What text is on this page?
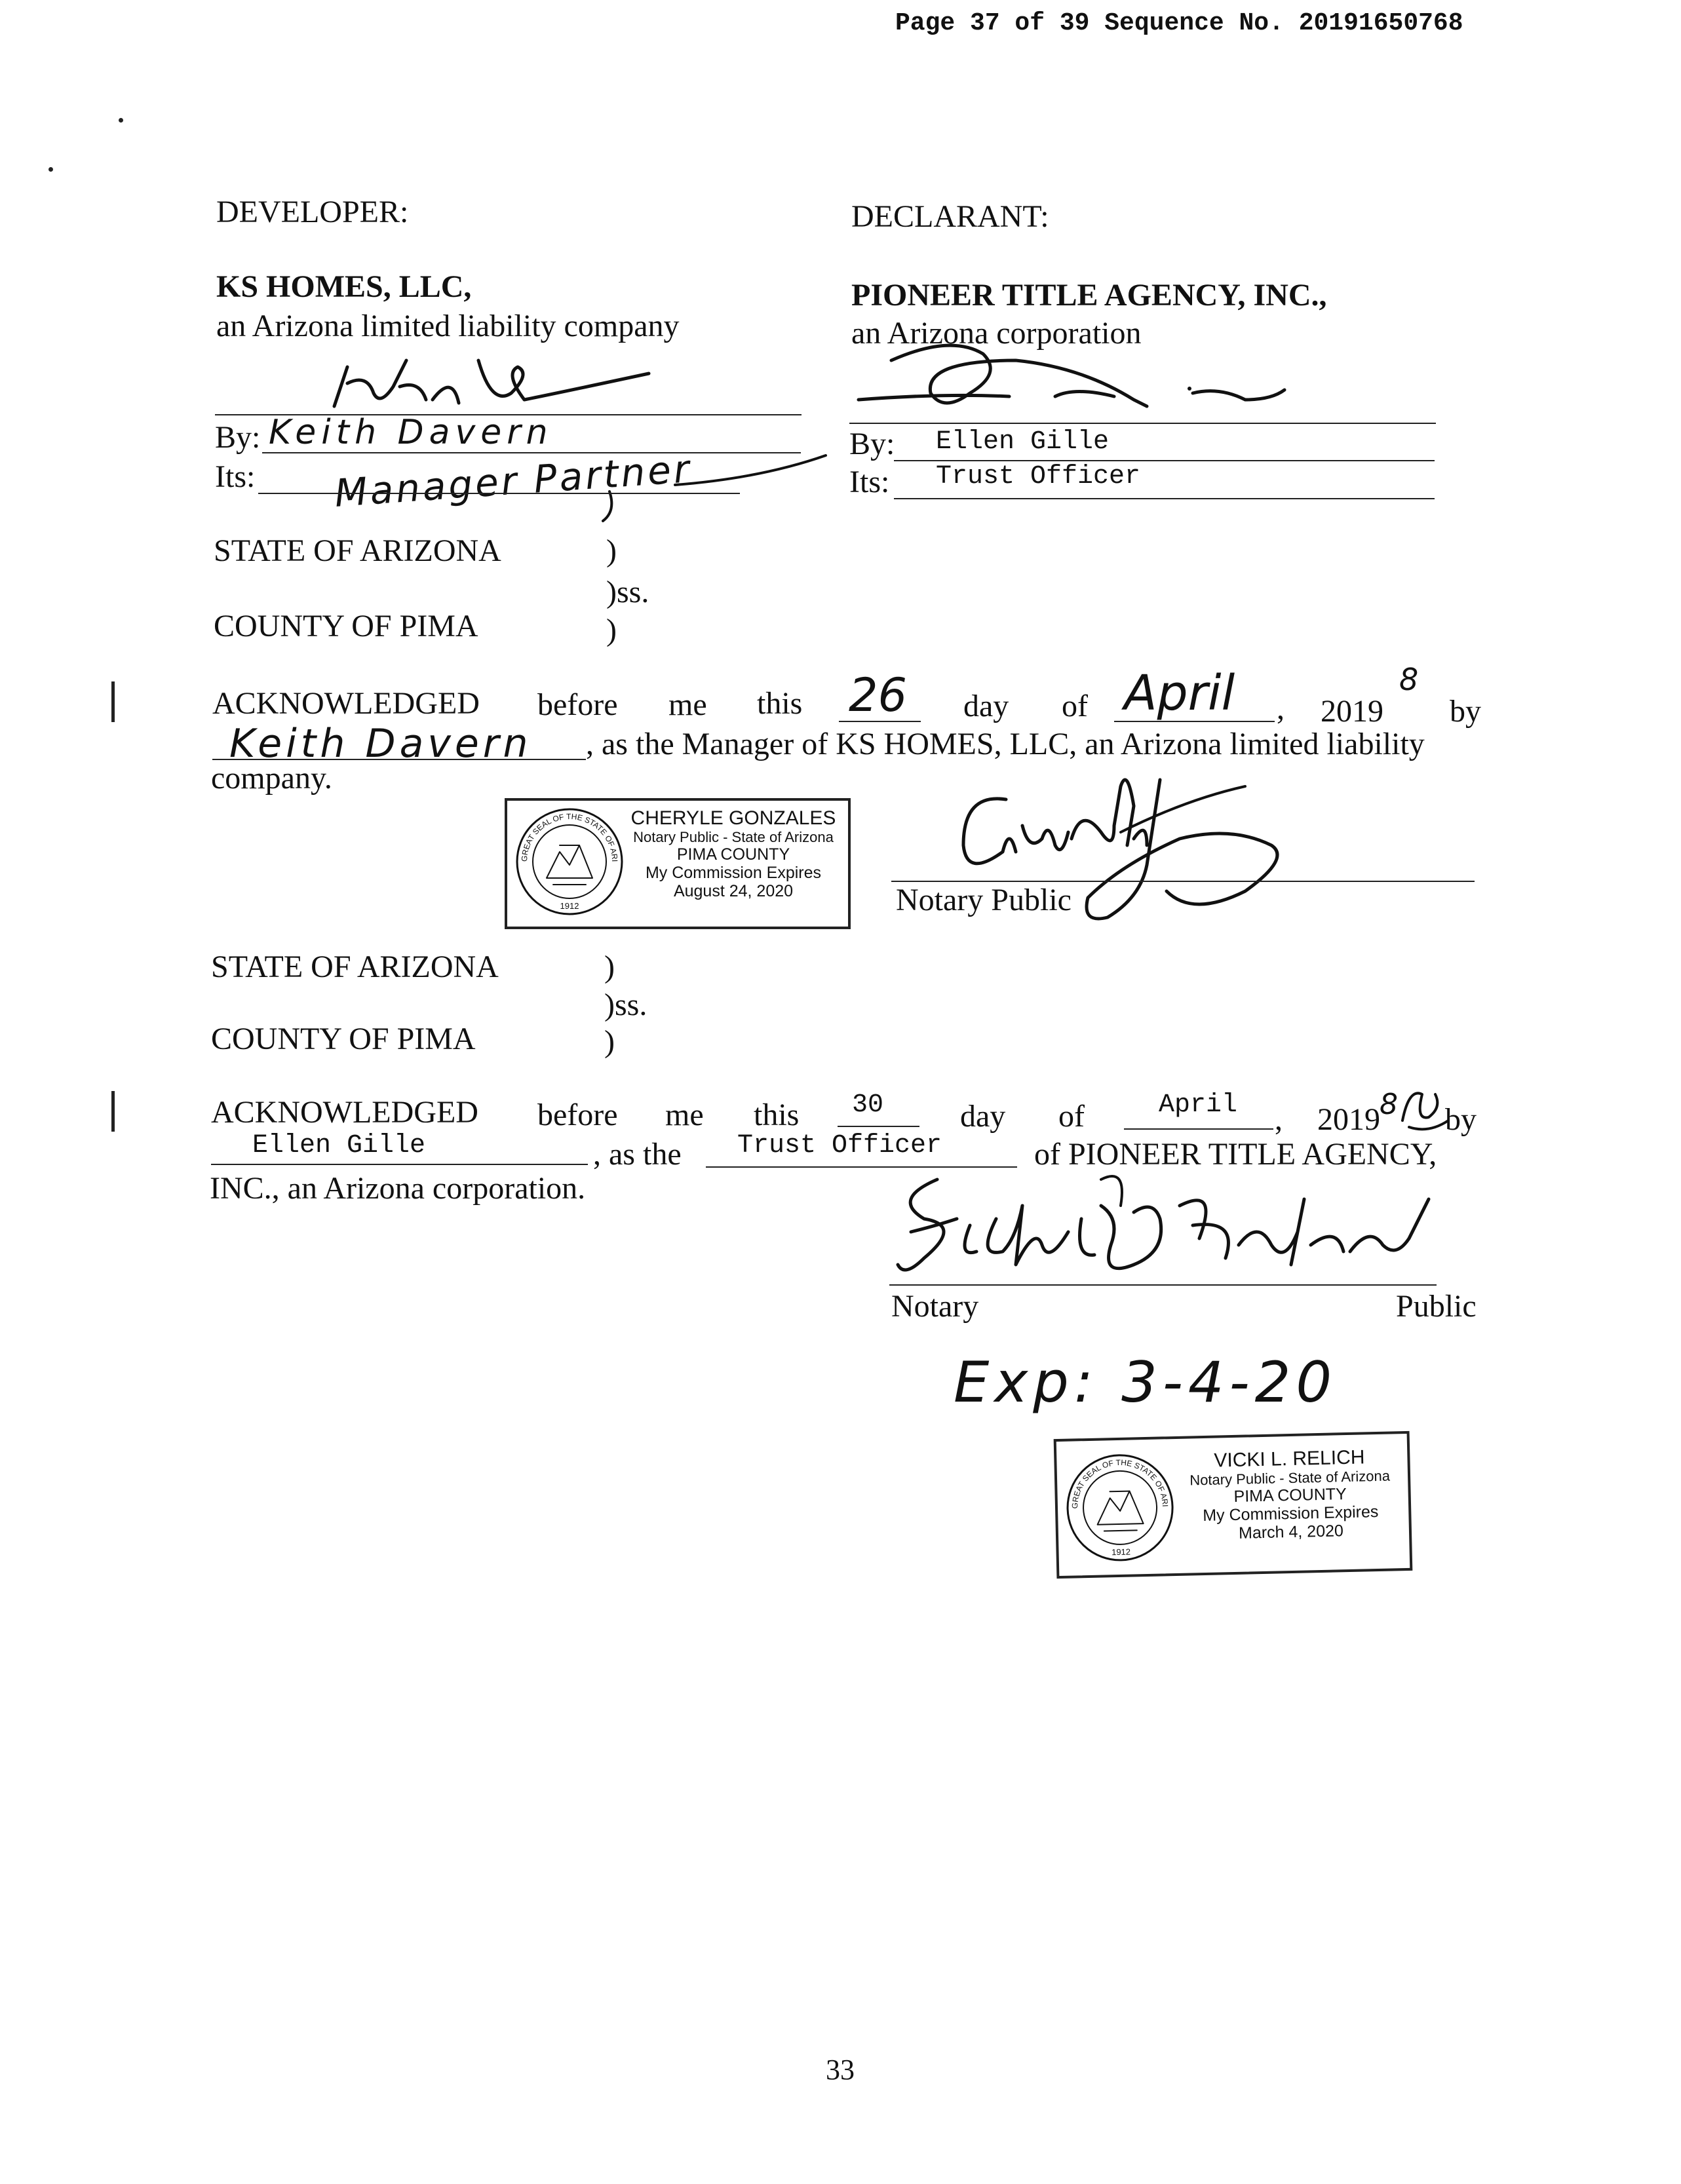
Page 37 of 39 Sequence No. 20191650768
DEVELOPER:
KS HOMES, LLC,
an Arizona limited liability company
By: Keith Davern
Its: Manager Partner
DECLARANT:
PIONEER TITLE AGENCY, INC.,
an Arizona corporation
By: Ellen Gille
Its: Trust Officer
STATE OF ARIZONA	)
)ss.
COUNTY OF PIMA	)
ACKNOWLEDGED before me this 26 day of April , 2019
8
by
Keith Davern , as the Manager of KS HOMES, LLC, an Arizona limited liability
company.
GREAT SEAL OF THE STATE OF ARIZONA
1912
CHERYLE GONZALES
Notary Public - State of Arizona
PIMA COUNTY
My Commission Expires
August 24, 2020	Notary Public
STATE OF ARIZONA	)
)ss.
COUNTY OF PIMA	)
ACKNOWLEDGED before me this 30 day of	April , 2019 8 by
Ellen Gille	, as the Trust Officer	of PIONEER TITLE AGENCY,
INC., an Arizona corporation.
Notary	Public
Exp: 3-4-20
GREAT SEAL OF THE STATE OF ARIZONA
1912
VICKI L. RELICH
Notary Public - State of Arizona
PIMA COUNTY
My Commission Expires
March 4, 2020
33
